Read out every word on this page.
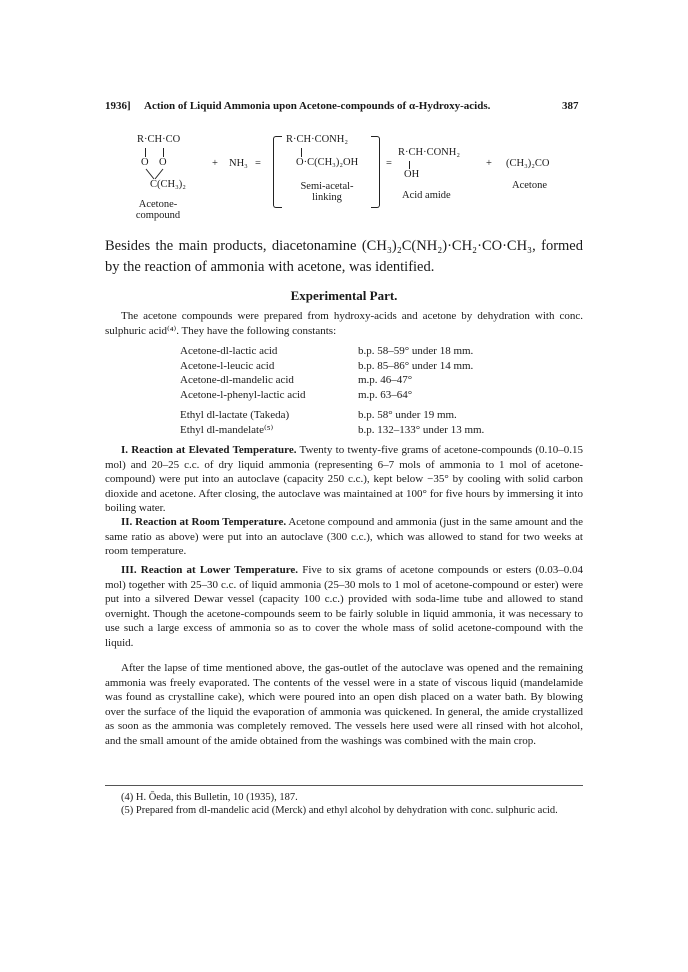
1936] Action of Liquid Ammonia upon Acetone-compounds of α-Hydroxy-acids.	387
R·CH·CO
O O
C(CH₃)₂
Acetone-
compound
+ NH₃ =
R·CH·CONH₂
O·C(CH₃)₂OH
Semi-acetal-
linking
=
R·CH·CONH₂
OH
Acid amide
+ (CH₃)₂CO
Acetone
Besides the main products, diacetonamine (CH₃)₂C(NH₂)·CH₂·CO·CH₃, formed by the reaction of ammonia with acetone, was identified.
Experimental Part.
The acetone compounds were prepared from hydroxy-acids and acetone by dehydration with conc. sulphuric acid⁽⁴⁾. They have the following constants:
Acetone-dl-lactic acid	b.p. 58–59° under 18 mm.
Acetone-l-leucic acid	b.p. 85–86° under 14 mm.
Acetone-dl-mandelic acid	m.p. 46–47°
Acetone-l-phenyl-lactic acid	m.p. 63–64°
Ethyl dl-lactate (Takeda)	b.p. 58° under 19 mm.
Ethyl dl-mandelate⁽⁵⁾	b.p. 132–133° under 13 mm.
I. Reaction at Elevated Temperature. Twenty to twenty-five grams of acetone-compounds (0.10–0.15 mol) and 20–25 c.c. of dry liquid ammonia (representing 6–7 mols of ammonia to 1 mol of acetone-compound) were put into an autoclave (capacity 250 c.c.), kept below −35° by cooling with solid carbon dioxide and acetone. After closing, the autoclave was maintained at 100° for five hours by immersing it into boiling water.
II. Reaction at Room Temperature. Acetone compound and ammonia (just in the same amount and the same ratio as above) were put into an autoclave (300 c.c.), which was allowed to stand for two weeks at room temperature.
III. Reaction at Lower Temperature. Five to six grams of acetone compounds or esters (0.03–0.04 mol) together with 25–30 c.c. of liquid ammonia (25–30 mols to 1 mol of acetone-compound or ester) were put into a silvered Dewar vessel (capacity 100 c.c.) provided with soda-lime tube and allowed to stand overnight. Though the acetone-compounds seem to be fairly soluble in liquid ammonia, it was necessary to use such a large excess of ammonia so as to cover the whole mass of solid acetone-compound with the liquid.
After the lapse of time mentioned above, the gas-outlet of the autoclave was opened and the remaining ammonia was freely evaporated. The contents of the vessel were in a state of viscous liquid (mandelamide was found as crystalline cake), which were poured into an open dish placed on a water bath. By blowing over the surface of the liquid the evaporation of ammonia was quickened. In general, the amide crystallized as soon as the ammonia was completely removed. The vessels here used were all rinsed with hot alcohol, and the small amount of the amide obtained from the washings was combined with the main crop.
(4) H. Ōeda, this Bulletin, 10 (1935), 187.
(5) Prepared from dl-mandelic acid (Merck) and ethyl alcohol by dehydration with conc. sulphuric acid.
